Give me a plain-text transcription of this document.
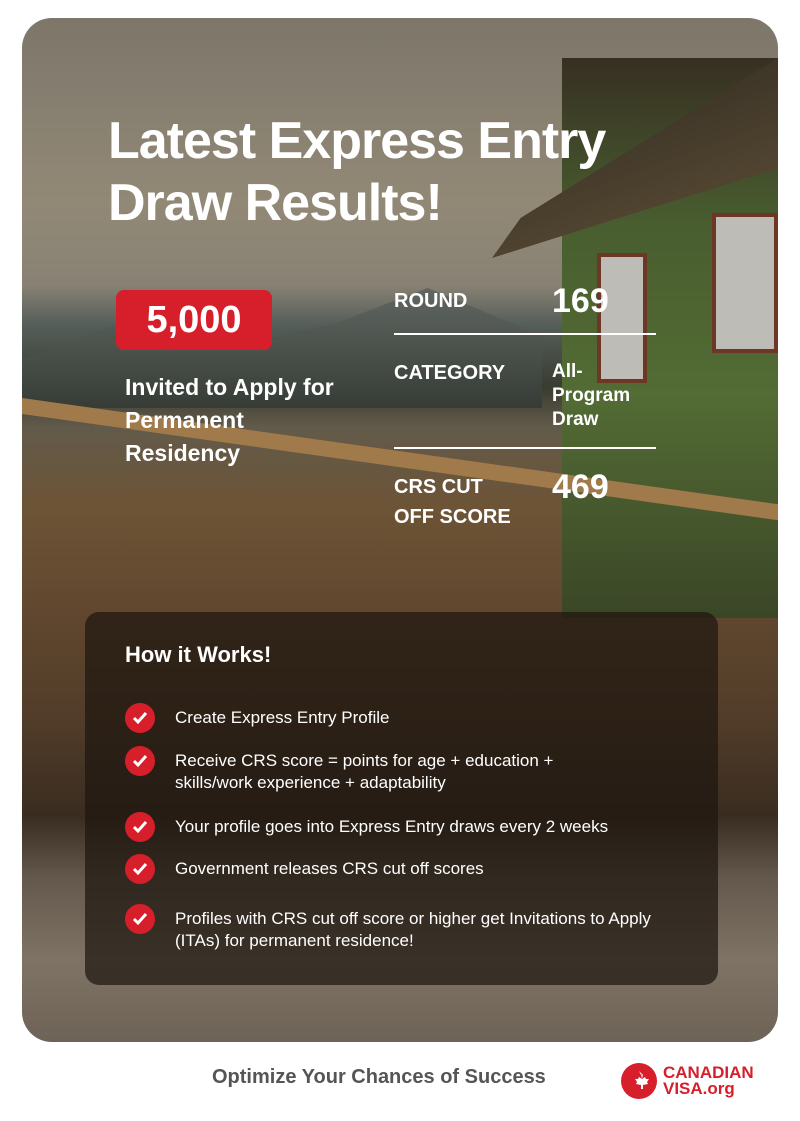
Latest Express Entry
Draw Results!
5,000
Invited to Apply for Permanent Residency
ROUND 169
CATEGORY All-Program Draw
CRS CUT OFF SCORE
469
How it Works!
Create Express Entry Profile
Receive CRS score = points for age + education + skills/work experience + adaptability
Your profile goes into Express Entry draws every 2 weeks
Government releases CRS cut off scores
Profiles with CRS cut off score or higher get Invitations to Apply (ITAs) for permanent residence!
Optimize Your Chances of Success	CANADIAN
VISA.org
